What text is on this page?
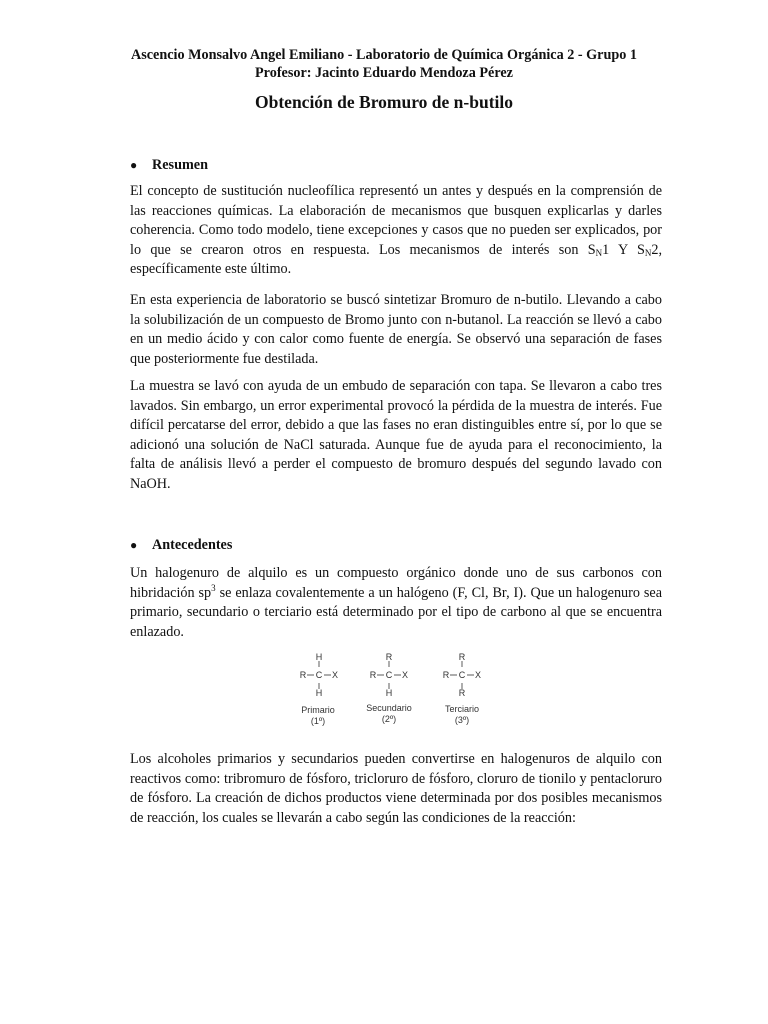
Ascencio Monsalvo Angel Emiliano - Laboratorio de Química Orgánica 2 - Grupo 1
Profesor: Jacinto Eduardo Mendoza Pérez
Obtención de Bromuro de n-butilo
● Resumen
El concepto de sustitución nucleofílica representó un antes y después en la comprensión de las reacciones químicas. La elaboración de mecanismos que busquen explicarlas y darles coherencia. Como todo modelo, tiene excepciones y casos que no pueden ser explicados, por lo que se crearon otros en respuesta. Los mecanismos de interés son $S_N1$ Y $S_N2$, específicamente este último.
En esta experiencia de laboratorio se buscó sintetizar Bromuro de n-butilo. Llevando a cabo la solubilización de un compuesto de Bromo junto con n-butanol. La reacción se llevó a cabo en un medio ácido y con calor como fuente de energía. Se observó una separación de fases que posteriormente fue destilada.
La muestra se lavó con ayuda de un embudo de separación con tapa. Se llevaron a cabo tres lavados. Sin embargo, un error experimental provocó la pérdida de la muestra de interés. Fue difícil percatarse del error, debido a que las fases no eran distinguibles entre sí, por lo que se adicionó una solución de NaCl saturada. Aunque fue de ayuda para el reconocimiento, la falta de análisis llevó a perder el compuesto de bromuro después del segundo lavado con NaOH.
● Antecedentes
Un halogenuro de alquilo es un compuesto orgánico donde uno de sus carbonos con hibridación $sp^3$ se enlaza covalentemente a un halógeno (F, Cl, Br, I). Que un halogenuro sea primario, secundario o terciario está determinado por el tipo de carbono al que se encuentra enlazado.
H
R C X
H
Primario
(1º)
R
R C X
H
Secundario
(2º)
R
R C X
R
Terciario
(3º)
Los alcoholes primarios y secundarios pueden convertirse en halogenuros de alquilo con reactivos como: tribromuro de fósforo, tricloruro de fósforo, cloruro de tionilo y pentacloruro de fósforo. La creación de dichos productos viene determinada por dos posibles mecanismos de reacción, los cuales se llevarán a cabo según las condiciones de la reacción:
